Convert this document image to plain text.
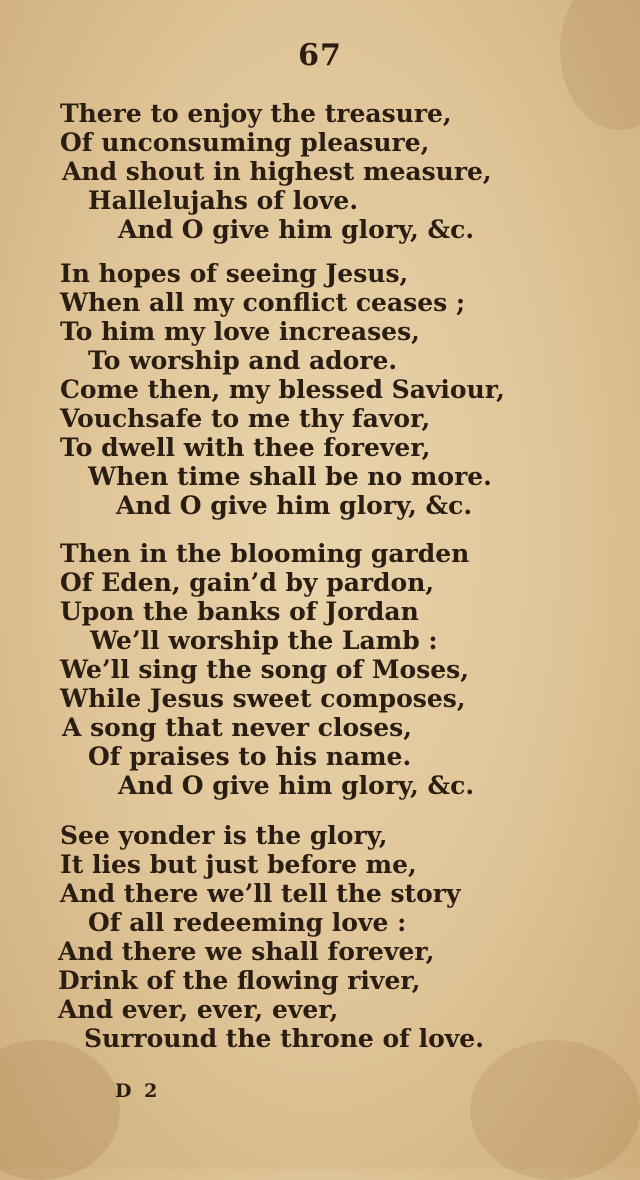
67
There to enjoy the treasure,
Of unconsuming pleasure,
And shout in highest measure,
Hallelujahs of love.
And O give him glory, &c.
In hopes of seeing Jesus,
When all my conflict ceases ;
To him my love increases,
To worship and adore.
Come then, my blessed Saviour,
Vouchsafe to me thy favor,
To dwell with thee forever,
When time shall be no more.
And O give him glory, &c.
Then in the blooming garden
Of Eden, gain’d by pardon,
Upon the banks of Jordan
We’ll worship the Lamb :
We’ll sing the song of Moses,
While Jesus sweet composes,
A song that never closes,
Of praises to his name.
And O give him glory, &c.
See yonder is the glory,
It lies but just before me,
And there we’ll tell the story
Of all redeeming love :
And there we shall forever,
Drink of the flowing river,
And ever, ever, ever,
Surround the throne of love.
D 2
